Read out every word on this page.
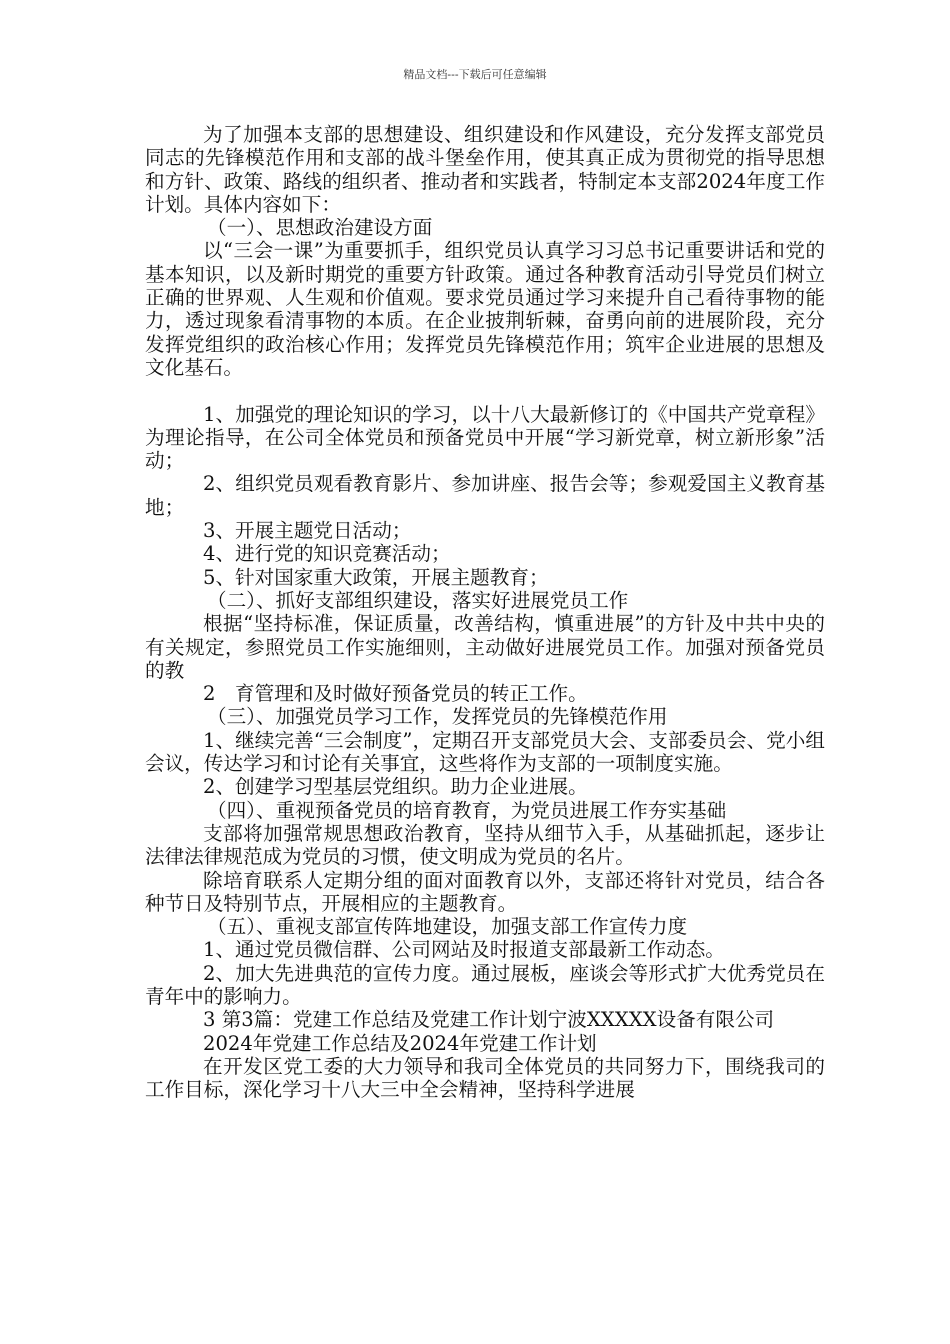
精品文档---下载后可任意编辑

为了加强本支部的思想建设、组织建设和作风建设，充分发挥支部党员同志的先锋模范作用和支部的战斗堡垒作用，使其真正成为贯彻党的指导思想和方针、政策、路线的组织者、推动者和实践者，特制定本支部2024年度工作计划。具体内容如下：

（一）、思想政治建设方面

以“三会一课”为重要抓手，组织党员认真学习习总书记重要讲话和党的基本知识，以及新时期党的重要方针政策。通过各种教育活动引导党员们树立正确的世界观、人生观和价值观。要求党员通过学习来提升自己看待事物的能力，透过现象看清事物的本质。在企业披荆斩棘，奋勇向前的进展阶段，充分发挥党组织的政治核心作用；发挥党员先锋模范作用；筑牢企业进展的思想及文化基石。

1、加强党的理论知识的学习，以十八大最新修订的《中国共产党章程》为理论指导，在公司全体党员和预备党员中开展“学习新党章，树立新形象”活动；

2、组织党员观看教育影片、参加讲座、报告会等；参观爱国主义教育基地；

3、开展主题党日活动；

4、进行党的知识竞赛活动；

5、针对国家重大政策，开展主题教育；

（二）、抓好支部组织建设，落实好进展党员工作

根据“坚持标准，保证质量，改善结构，慎重进展”的方针及中共中央的有关规定，参照党员工作实施细则，主动做好进展党员工作。加强对预备党员的教

2　育管理和及时做好预备党员的转正工作。

（三）、加强党员学习工作，发挥党员的先锋模范作用

1、继续完善“三会制度”，定期召开支部党员大会、支部委员会、党小组会议，传达学习和讨论有关事宜，这些将作为支部的一项制度实施。

2、创建学习型基层党组织。助力企业进展。

（四）、重视预备党员的培育教育，为党员进展工作夯实基础

支部将加强常规思想政治教育，坚持从细节入手，从基础抓起，逐步让法律法律规范成为党员的习惯，使文明成为党员的名片。

除培育联系人定期分组的面对面教育以外，支部还将针对党员，结合各种节日及特别节点，开展相应的主题教育。

（五）、重视支部宣传阵地建设，加强支部工作宣传力度

1、通过党员微信群、公司网站及时报道支部最新工作动态。

2、加大先进典范的宣传力度。通过展板，座谈会等形式扩大优秀党员在青年中的影响力。

3 第3篇：党建工作总结及党建工作计划宁波XXXXX设备有限公司

2024年党建工作总结及2024年党建工作计划

在开发区党工委的大力领导和我司全体党员的共同努力下，围绕我司的工作目标，深化学习十八大三中全会精神，坚持科学进展
